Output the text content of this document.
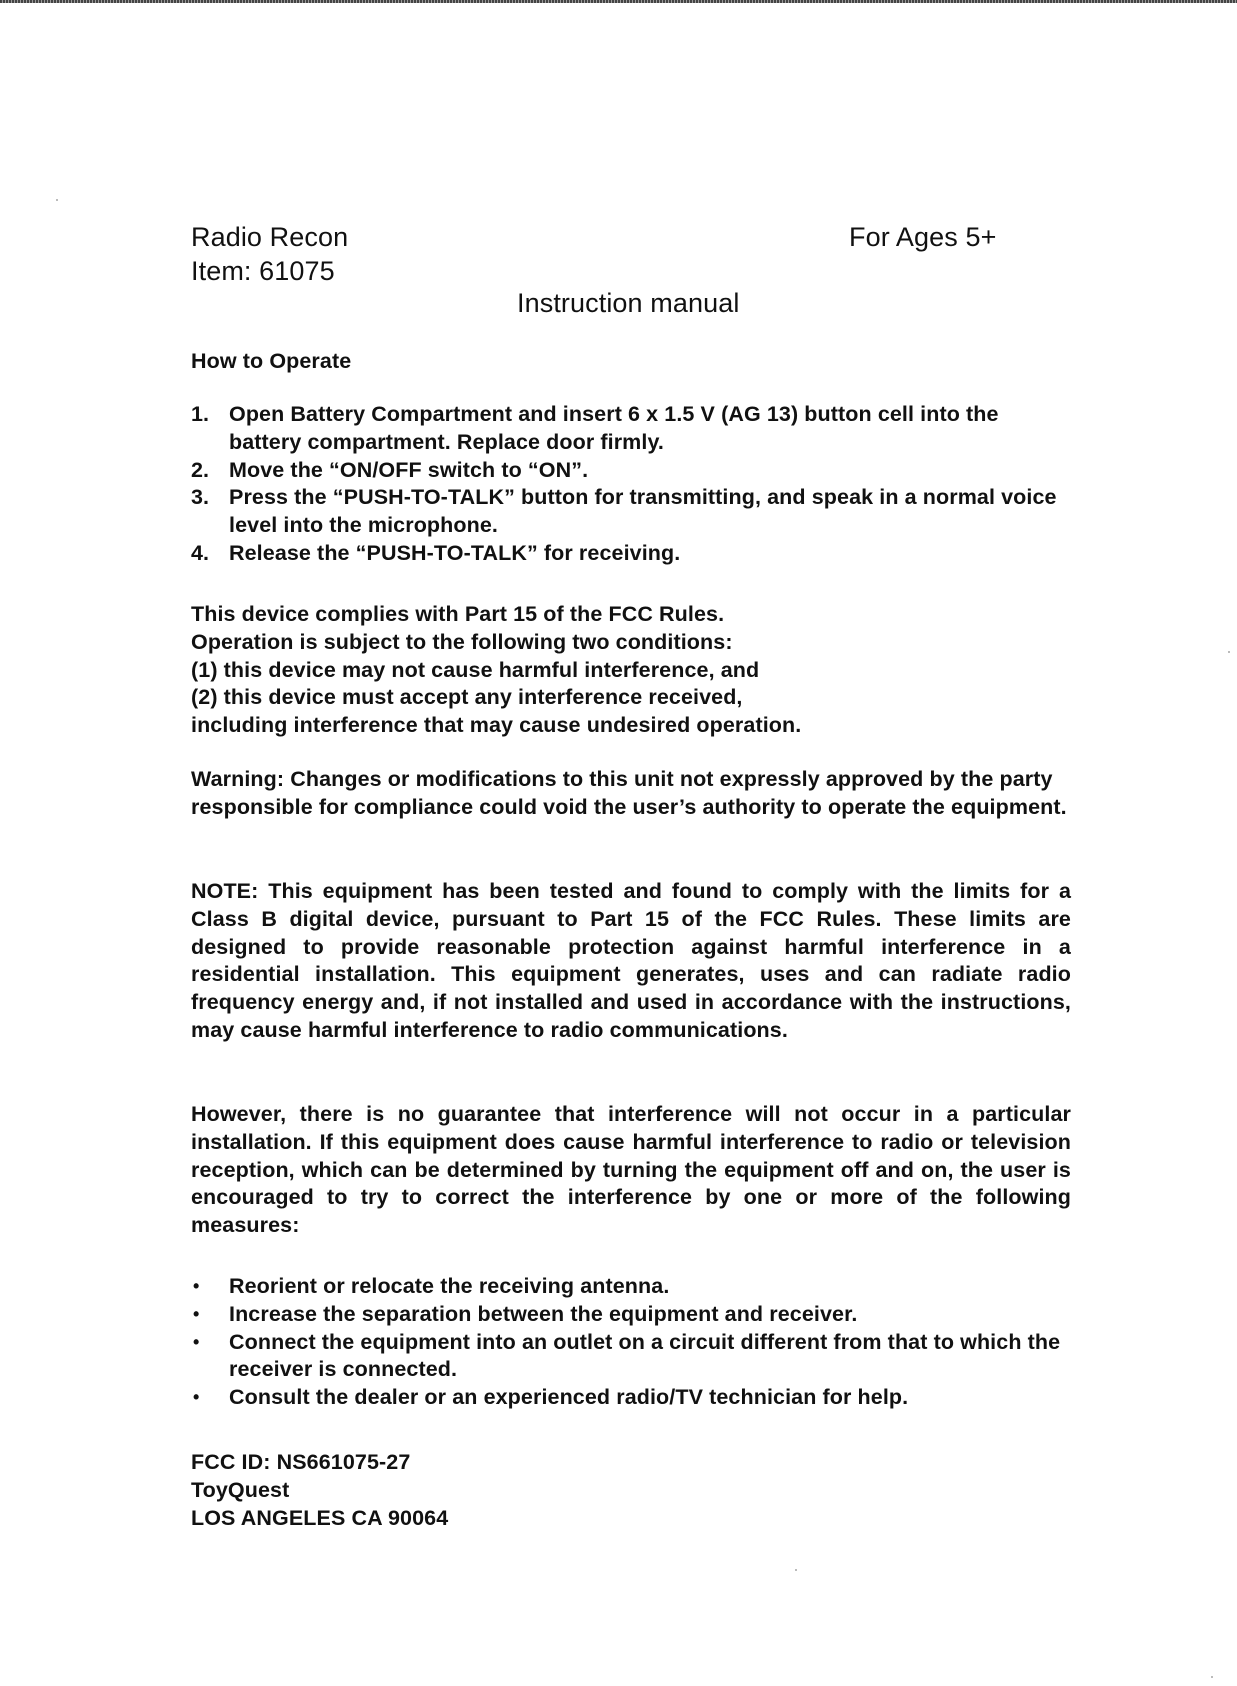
Radio Recon
Item: 61075
For Ages 5+
Instruction manual
How to Operate
1. Open Battery Compartment and insert 6 x 1.5 V (AG 13) button cell into the battery compartment. Replace door firmly.
2. Move the “ON/OFF switch to “ON”.
3. Press the “PUSH-TO-TALK” button for transmitting, and speak in a normal voice level into the microphone.
4. Release the “PUSH-TO-TALK” for receiving.
This device complies with Part 15 of the FCC Rules.
Operation is subject to the following two conditions:
(1) this device may not cause harmful interference, and
(2) this device must accept any interference received,
including interference that may cause undesired operation.

Warning: Changes or modifications to this unit not expressly approved by the party responsible for compliance could void the user’s authority to operate the equipment.

NOTE: This equipment has been tested and found to comply with the limits for a Class B digital device, pursuant to Part 15 of the FCC Rules. These limits are designed to provide reasonable protection against harmful interference in a residential installation. This equipment generates, uses and can radiate radio frequency energy and, if not installed and used in accordance with the instructions, may cause harmful interference to radio communications.

However, there is no guarantee that interference will not occur in a particular installation. If this equipment does cause harmful interference to radio or television reception, which can be determined by turning the equipment off and on, the user is encouraged to try to correct the interference by one or more of the following measures:

• Reorient or relocate the receiving antenna.
• Increase the separation between the equipment and receiver.
• Connect the equipment into an outlet on a circuit different from that to which the receiver is connected.
• Consult the dealer or an experienced radio/TV technician for help.
FCC ID: NS661075-27
ToyQuest
LOS ANGELES CA 90064
